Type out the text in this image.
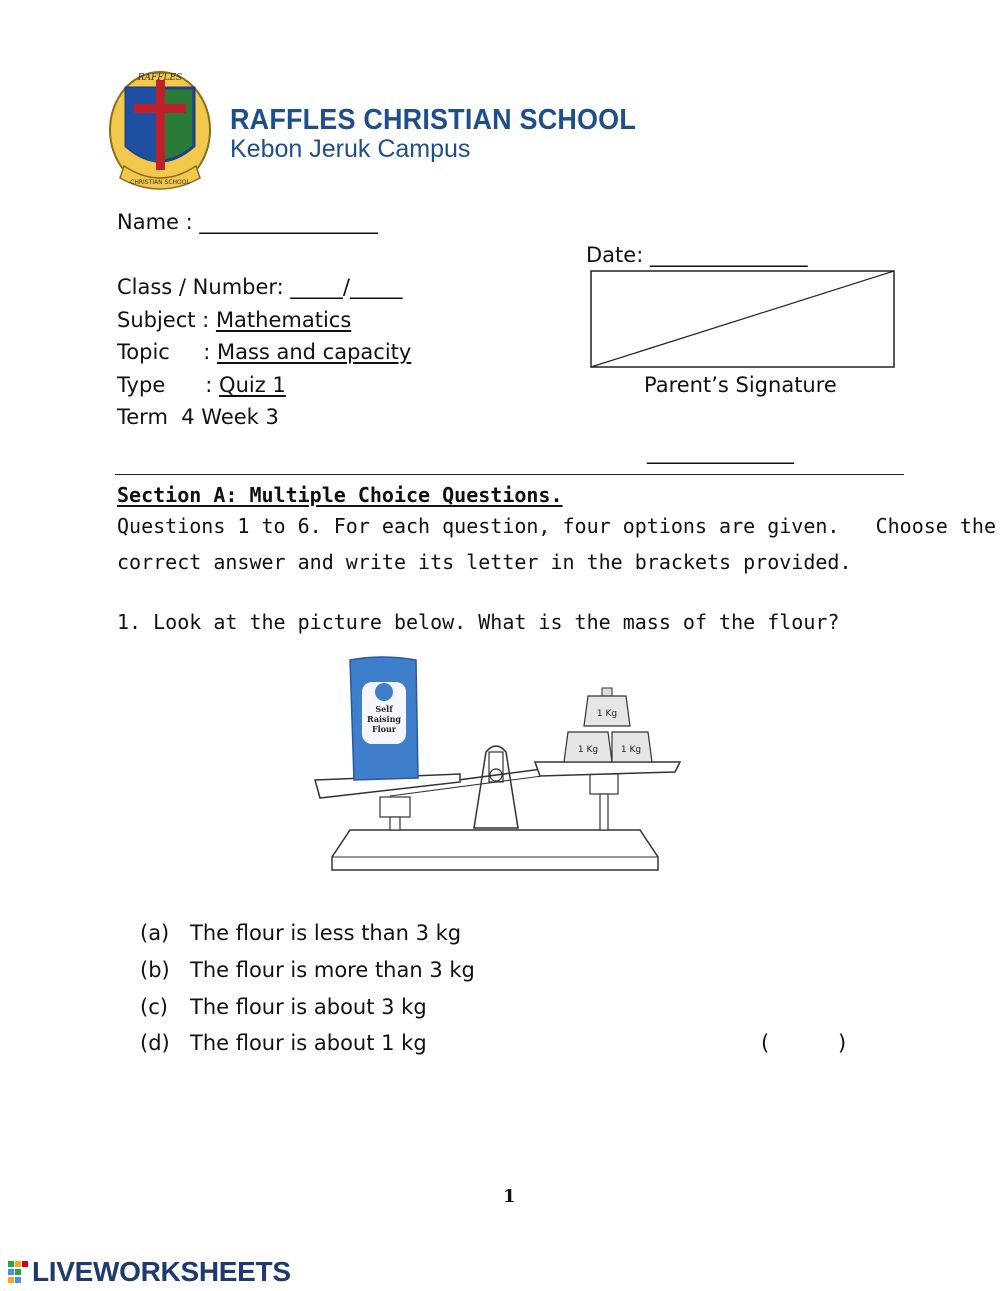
RAFFLES
CHRISTIAN SCHOOL
RAFFLES CHRISTIAN SCHOOL
Kebon Jeruk Campus
Name : _________________
Date: _______________
Class / Number: _____/_____
Subject : Mathematics
Topic     : Mass and capacity
Type      : Quiz 1
Term  4 Week 3
Parent’s Signature
______________
Section A: Multiple Choice Questions.
Questions 1 to 6. For each question, four options are given.   Choose the
correct answer and write its letter in the brackets provided.
1. Look at the picture below. What is the mass of the flour?
Self
Raising
Flour
1 Kg
1 Kg	1 Kg
(a) The flour is less than 3 kg
(b) The flour is more than 3 kg
(c) The flour is about 3 kg
(d) The flour is about 1 kg	(	)
1
LIVEWORKSHEETS
